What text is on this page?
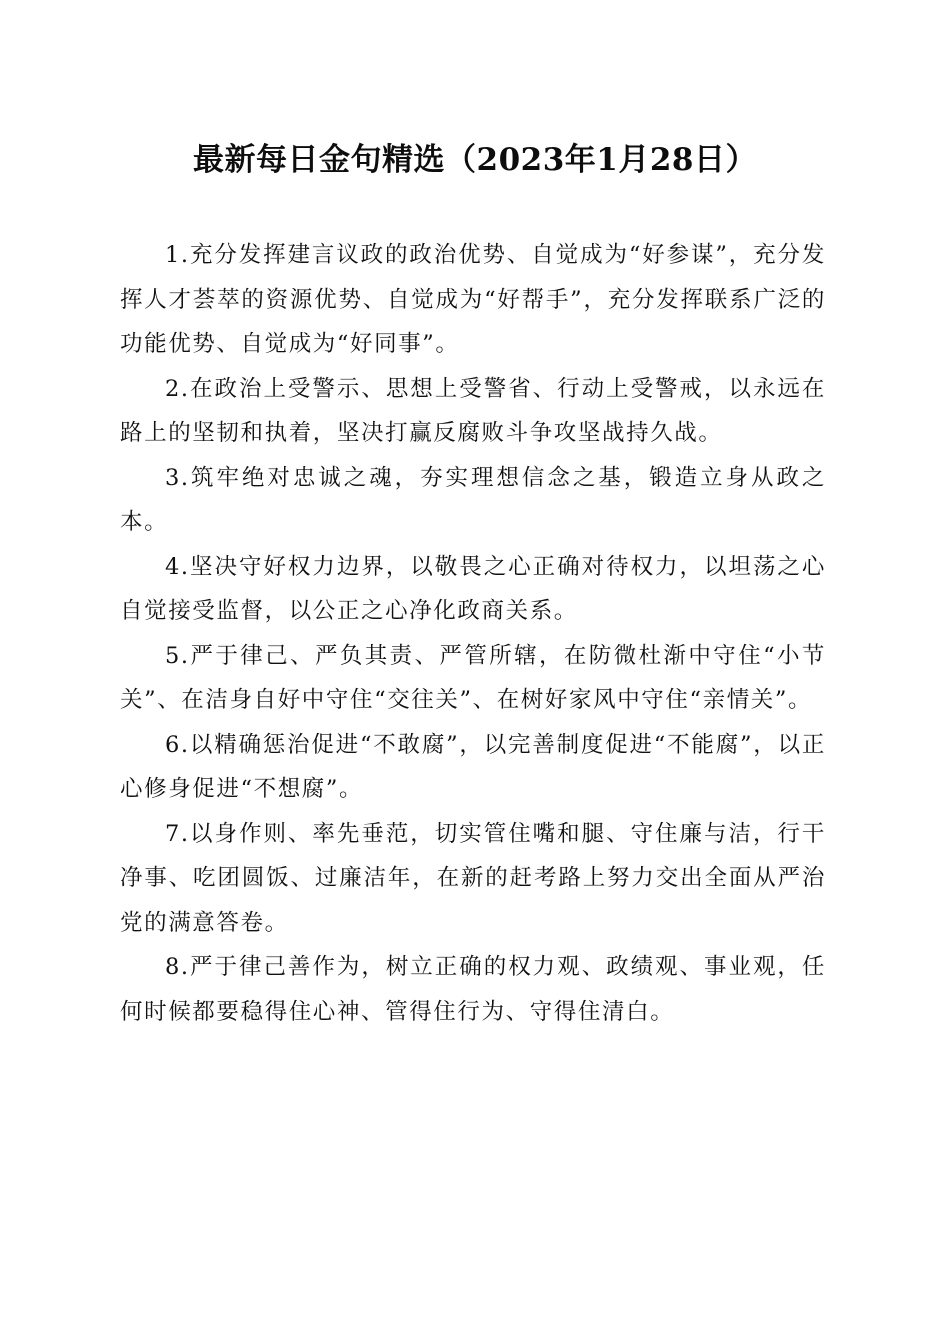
最新每日金句精选（2023年1月28日）

1.充分发挥建言议政的政治优势、自觉成为“好参谋”，充分发挥人才荟萃的资源优势、自觉成为“好帮手”，充分发挥联系广泛的功能优势、自觉成为“好同事”。

2.在政治上受警示、思想上受警省、行动上受警戒，以永远在路上的坚韧和执着，坚决打赢反腐败斗争攻坚战持久战。

3.筑牢绝对忠诚之魂，夯实理想信念之基，锻造立身从政之本。

4.坚决守好权力边界，以敬畏之心正确对待权力，以坦荡之心自觉接受监督，以公正之心净化政商关系。

5.严于律己、严负其责、严管所辖，在防微杜渐中守住“小节关”、在洁身自好中守住“交往关”、在树好家风中守住“亲情关”。

6.以精确惩治促进“不敢腐”，以完善制度促进“不能腐”，以正心修身促进“不想腐”。

7.以身作则、率先垂范，切实管住嘴和腿、守住廉与洁，行干净事、吃团圆饭、过廉洁年，在新的赶考路上努力交出全面从严治党的满意答卷。

8.严于律己善作为，树立正确的权力观、政绩观、事业观，任何时候都要稳得住心神、管得住行为、守得住清白。
